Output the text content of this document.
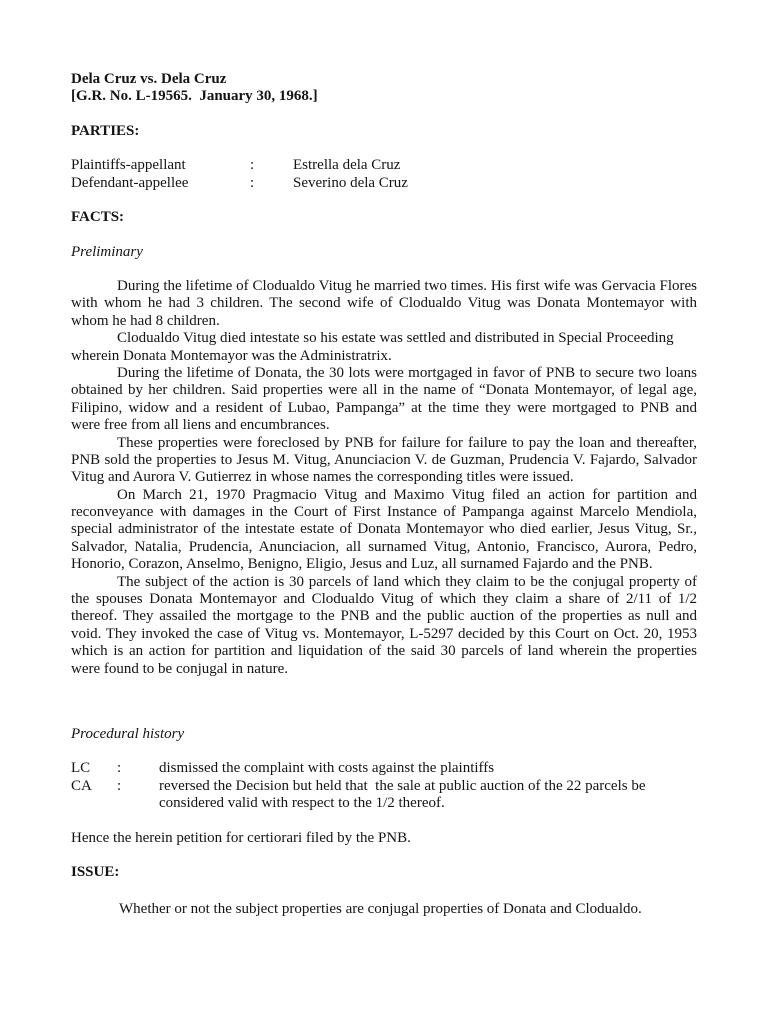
Dela Cruz vs. Dela Cruz
[G.R. No. L-19565.  January 30, 1968.]
PARTIES:
Plaintiffs-appellant	:	Estrella dela Cruz
Defendant-appellee	:	Severino dela Cruz
FACTS:
Preliminary
During the lifetime of Clodualdo Vitug he married two times. His first wife was Gervacia Flores
with whom he had 3 children. The second wife of Clodualdo Vitug was Donata Montemayor with
whom he had 8 children.
Clodualdo Vitug died intestate so his estate was settled and distributed in Special Proceeding
wherein Donata Montemayor was the Administratrix.
During the lifetime of Donata, the 30 lots were mortgaged in favor of PNB to secure two loans
obtained by her children. Said properties were all in the name of “Donata Montemayor, of legal age,
Filipino, widow and a resident of Lubao, Pampanga” at the time they were mortgaged to PNB and
were free from all liens and encumbrances.
These properties were foreclosed by PNB for failure for failure to pay the loan and thereafter,
PNB sold the properties to Jesus M. Vitug, Anunciacion V. de Guzman, Prudencia V. Fajardo, Salvador
Vitug and Aurora V. Gutierrez in whose names the corresponding titles were issued.
On March 21, 1970 Pragmacio Vitug and Maximo Vitug filed an action for partition and
reconveyance with damages in the Court of First Instance of Pampanga against Marcelo Mendiola,
special administrator of the intestate estate of Donata Montemayor who died earlier, Jesus Vitug, Sr.,
Salvador, Natalia, Prudencia, Anunciacion, all surnamed Vitug, Antonio, Francisco, Aurora, Pedro,
Honorio, Corazon, Anselmo, Benigno, Eligio, Jesus and Luz, all surnamed Fajardo and the PNB.
The subject of the action is 30 parcels of land which they claim to be the conjugal property of
the spouses Donata Montemayor and Clodualdo Vitug of which they claim a share of 2/11 of 1/2
thereof. They assailed the mortgage to the PNB and the public auction of the properties as null and
void. They invoked the case of Vitug vs. Montemayor, L-5297 decided by this Court on Oct. 20, 1953
which is an action for partition and liquidation of the said 30 parcels of land wherein the properties
were found to be conjugal in nature.
Procedural history
LC :	dismissed the complaint with costs against the plaintiffs
CA :	reversed the Decision but held that  the sale at public auction of the 22 parcels be
considered valid with respect to the 1/2 thereof.
Hence the herein petition for certiorari filed by the PNB.
ISSUE:
Whether or not the subject properties are conjugal properties of Donata and Clodualdo.
